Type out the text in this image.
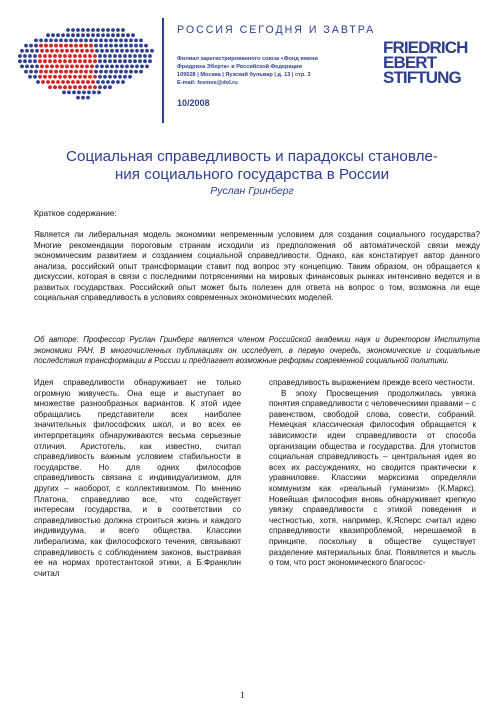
РОССИЯ СЕГОДНЯ И ЗАВТРА
Филиал зарегистрированного союза «Фонд имени
Фридриха Эберта» в Российской Федерации
109028 | Москва | Яузский бульвар | д. 13 | стр. 3
E-mail: fesmos@dol.ru
10/2008
FRIEDRICH
EBERT
STIFTUNG
Социальная справедливость и парадоксы становле-
ния социального государства в России
Руслан Гринберг
Краткое содержание:
Является ли либеральная модель экономики непременным условием для создания социального государства? Многие рекомендации пороговым странам исходили из предположения об автоматической связи между экономическим развитием и созданием социальной справедливости. Однако, как констатирует автор данного анализа, российский опыт трансформации ставит под вопрос эту концепцию. Таким образом, он обращается к дискуссии, которая в связи с последними потрясениями на мировых финансовых рынках интенсивно ведется и в развитых государствах. Российский опыт может быть полезен для ответа на вопрос о том, возможна ли еще социальная справедливость в условиях современных экономических моделей.
Об авторе: Профессор Руслан Гринберг является членом Российской академии наук и директором Института экономики РАН. В многочисленных публикациях он исследует, в первую очередь, экономические и социальные последствия трансформации в России и предлагает возможные реформы современной социальной политики.

Идея справедливости обнаруживает не только огромную живучесть. Она еще и выступает во множестве разнообразных вариантов. К этой идее обращались представители всех наиболее значительных философских школ, и во всех ее интерпретациях обнаруживаются весьма серьезные отличия. Аристотель, как известно, считал справедливость важным условием стабильности в государстве. Но для одних философов справедливость связана с индивидуализмом, для других – наоборот, с коллективизмом. По мнению Платона, справедливо все, что содействует интересам государства, и в соответствии со справедливостью должна строиться жизнь и каждого индивидуума, и всего общества. Классики либерализма, как философского течения, связывают справедливость с соблюдением законов, выстраивая ее на нормах протестантской этики, а Б.Франклин считал

справедливость выражением прежде всего честности.

В эпоху Просвещения продолжилась увязка понятия справедливости с человеческими правами – с равенством, свободой слова, совести, собраний. Немецкая классическая философия обращается к зависимости идеи справедливости от способа организации общества и государства. Для утопистов социальная справедливость – центральная идея во всех их рассуждениях, но сводится практически к уравниловке. Классики марксизма определяли коммунизм как «реальный гуманизм» (К.Маркс). Новейшая философия вновь обнаруживает крепкую увязку справедливости с этикой поведения и честностью, хотя, например, К.Ясперс считал идею справедливости квазипроблемой, нерешаемой в принципе, поскольку в обществе существует разделение материальных благ. Появляется и мысль о том, что рост экономического благосос-

1
